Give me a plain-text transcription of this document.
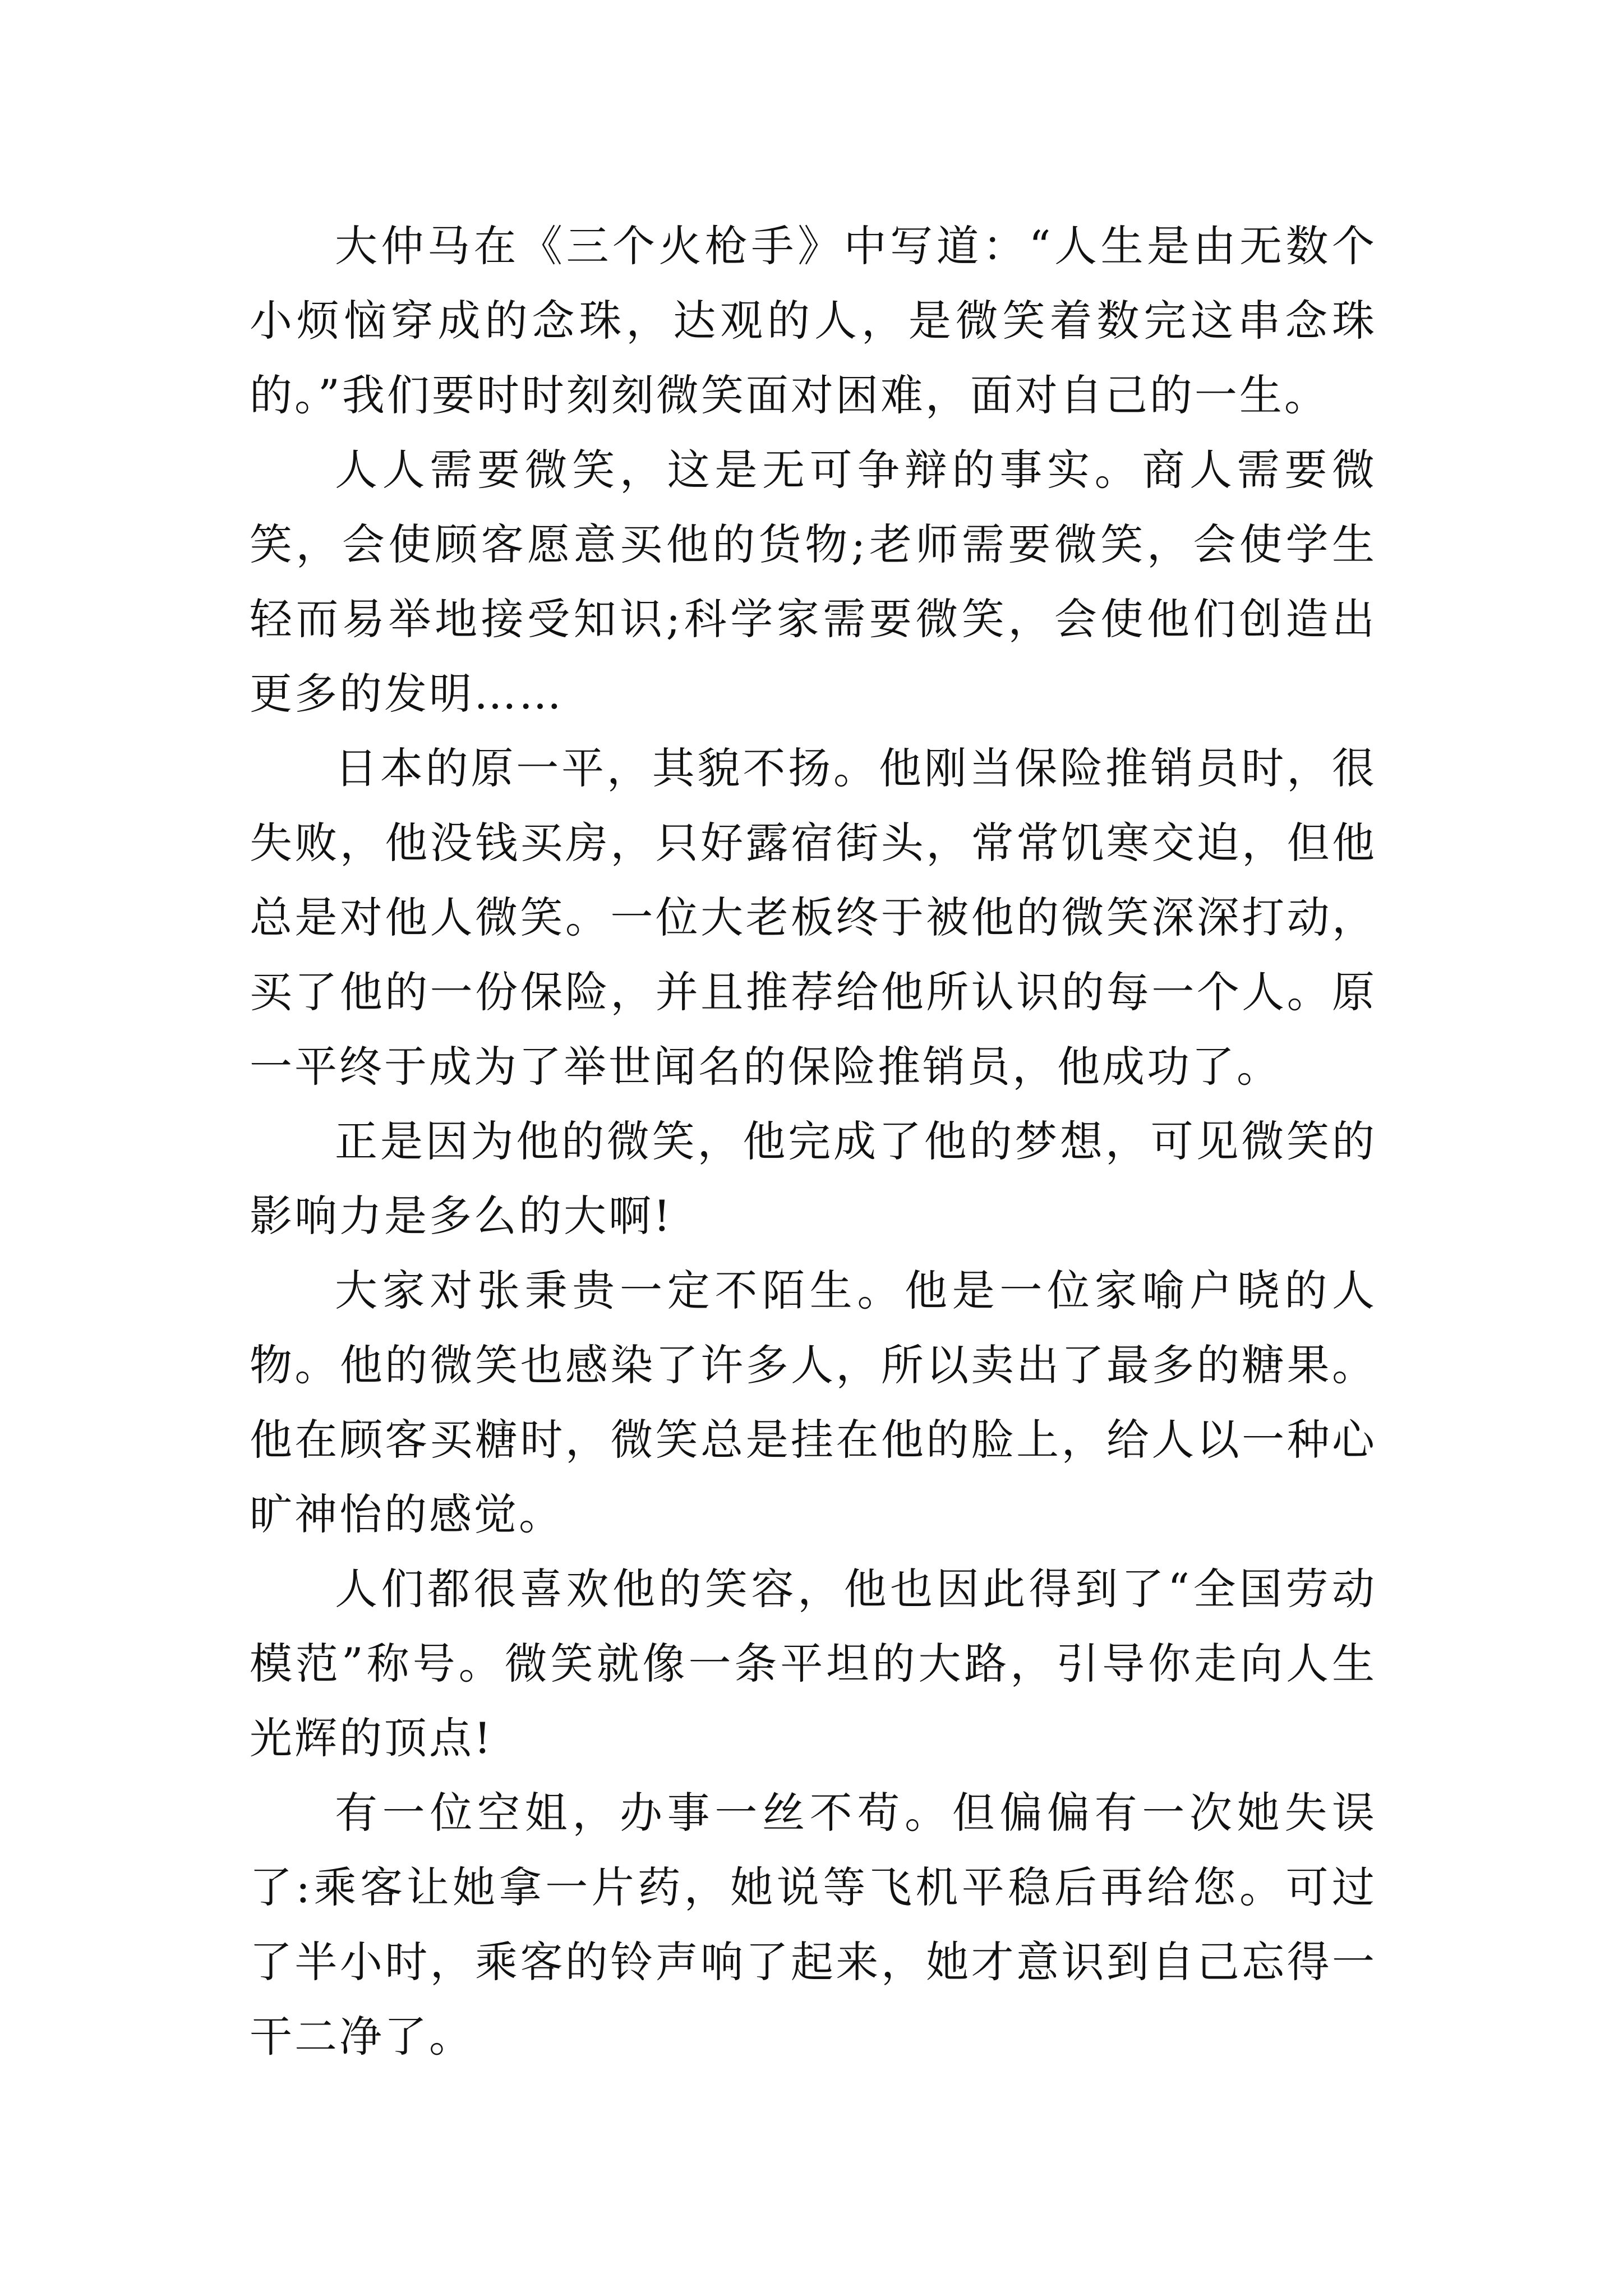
大仲马在《三个火枪手》中写道：“人生是由无数个小烦恼穿成的念珠，达观的人，是微笑着数完这串念珠的。”我们要时时刻刻微笑面对困难，面对自己的一生。

人人需要微笑，这是无可争辩的事实。商人需要微笑，会使顾客愿意买他的货物;老师需要微笑，会使学生轻而易举地接受知识;科学家需要微笑，会使他们创造出更多的发明……

日本的原一平，其貌不扬。他刚当保险推销员时，很失败，他没钱买房，只好露宿街头，常常饥寒交迫，但他总是对他人微笑。一位大老板终于被他的微笑深深打动，买了他的一份保险，并且推荐给他所认识的每一个人。原一平终于成为了举世闻名的保险推销员，他成功了。

正是因为他的微笑，他完成了他的梦想，可见微笑的影响力是多么的大啊!

大家对张秉贵一定不陌生。他是一位家喻户晓的人物。他的微笑也感染了许多人，所以卖出了最多的糖果。他在顾客买糖时，微笑总是挂在他的脸上，给人以一种心旷神怡的感觉。

人们都很喜欢他的笑容，他也因此得到了“全国劳动模范”称号。微笑就像一条平坦的大路，引导你走向人生光辉的顶点!

有一位空姐，办事一丝不苟。但偏偏有一次她失误了:乘客让她拿一片药，她说等飞机平稳后再给您。可过了半小时，乘客的铃声响了起来，她才意识到自己忘得一干二净了。
